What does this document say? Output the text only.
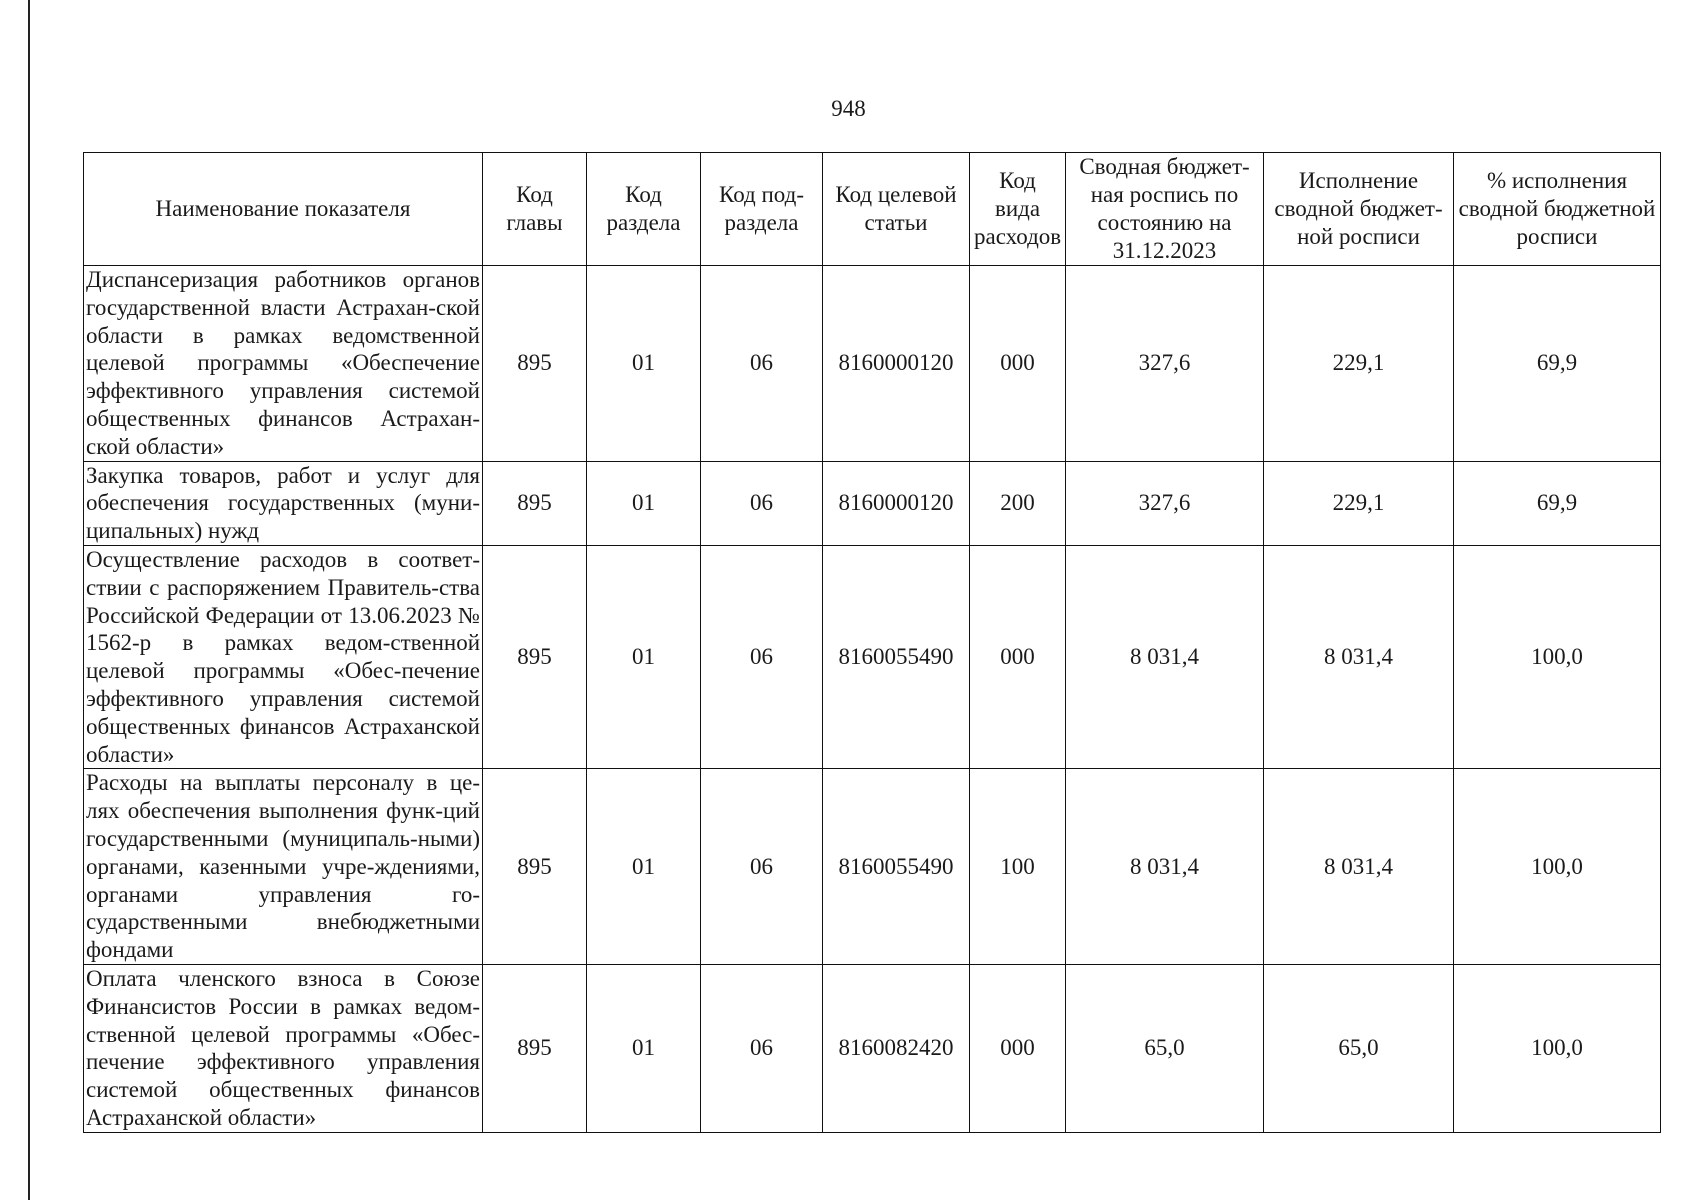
948
Наименование показателя	Код главы	Код раздела	Код под-раздела	Код целевой статьи	Код вида расходов	Сводная бюджет-ная роспись по состоянию на 31.12.2023	Исполнение сводной бюджет-ной росписи	% исполнения сводной бюджетной росписи
Диспансеризация работников органов государственной власти Астрахан-ской области в рамках ведомственной целевой программы «Обеспечение эффективного управления системой общественных финансов Астрахан-ской области»	895	01	06	8160000120	000	327,6	229,1	69,9
Закупка товаров, работ и услуг для обеспечения государственных (муни-ципальных) нужд	895	01	06	8160000120	200	327,6	229,1	69,9
Осуществление расходов в соответ-ствии с распоряжением Правитель-ства Российской Федерации от 13.06.2023 № 1562-р в рамках ведом-ственной целевой программы «Обес-печение эффективного управления системой общественных финансов Астраханской области»	895	01	06	8160055490	000	8 031,4	8 031,4	100,0
Расходы на выплаты персоналу в це-лях обеспечения выполнения функ-ций государственными (муниципаль-ными) органами, казенными учре-ждениями, органами управления го-сударственными внебюджетными фондами	895	01	06	8160055490	100	8 031,4	8 031,4	100,0
Оплата членского взноса в Союзе Финансистов России в рамках ведом-ственной целевой программы «Обес-печение эффективного управления системой общественных финансов Астраханской области»	895	01	06	8160082420	000	65,0	65,0	100,0
